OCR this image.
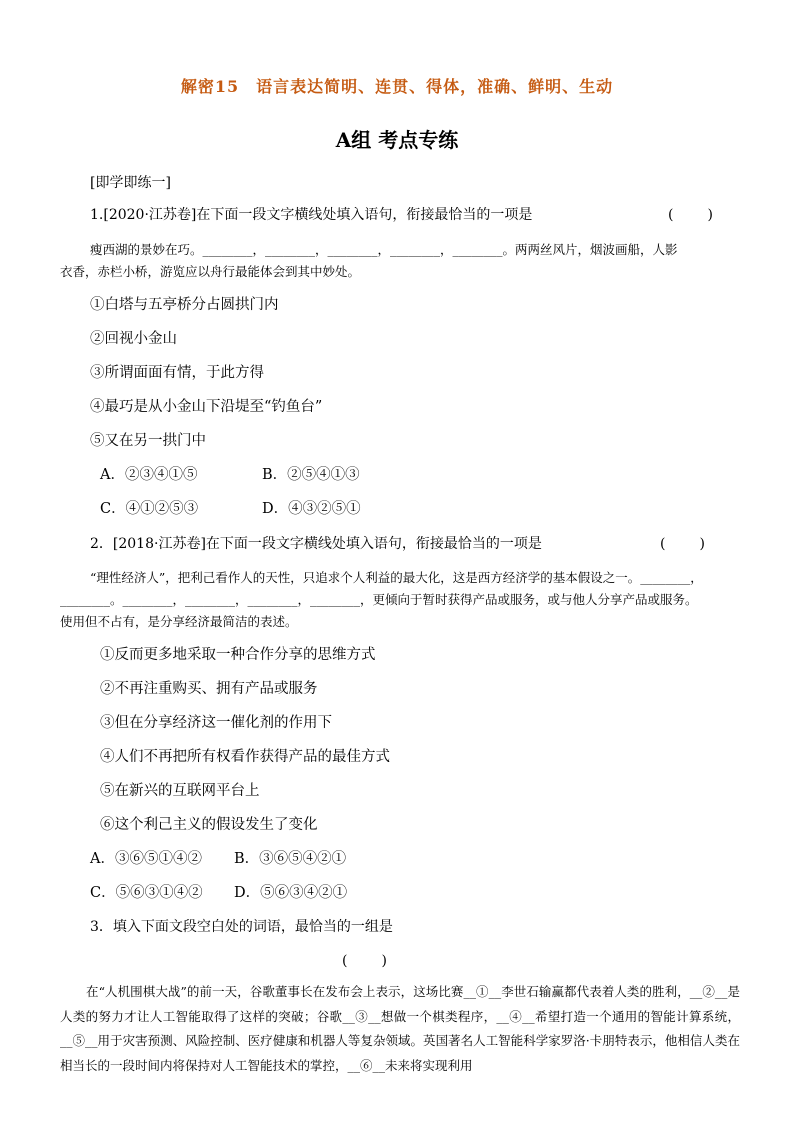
解密15　语言表达简明、连贯、得体，准确、鲜明、生动
A组 考点专练
[即学即练一]
1.[2020·江苏卷]在下面一段文字横线处填入语句，衔接最恰当的一项是	(　)
瘦西湖的景妙在巧。________，________，________，________，________。两两丝风片，烟波画船，人影
衣香，赤栏小桥，游览应以舟行最能体会到其中妙处。
①白塔与五亭桥分占圆拱门内
②回视小金山
③所谓面面有情，于此方得
④最巧是从小金山下沿堤至“钓鱼台”
⑤又在另一拱门中
A．②③④①⑤	B．②⑤④①③
C．④①②⑤③	D．④③②⑤①
2．[2018·江苏卷]在下面一段文字横线处填入语句，衔接最恰当的一项是	(　)
“理性经济人”，把利己看作人的天性，只追求个人利益的最大化，这是西方经济学的基本假设之一。________，
________。________，________，________，________，更倾向于暂时获得产品或服务，或与他人分享产品或服务。
使用但不占有，是分享经济最简洁的表述。
①反而更多地采取一种合作分享的思维方式
②不再注重购买、拥有产品或服务
③但在分享经济这一催化剂的作用下
④人们不再把所有权看作获得产品的最佳方式
⑤在新兴的互联网平台上
⑥这个利己主义的假设发生了变化
A．③⑥⑤①④② B．③⑥⑤④②①
C．⑤⑥③①④② D．⑤⑥③④②①
3．填入下面文段空白处的词语，最恰当的一组是
(　)
在“人机围棋大战”的前一天，谷歌董事长在发布会上表示，这场比赛__①__李世石输赢都代表着人类的胜利，__②__是人类的努力才让人工智能取得了这样的突破；谷歌__③__想做一个棋类程序，__④__希望打造一个通用的智能计算系统，__⑤__用于灾害预测、风险控制、医疗健康和机器人等复杂领域。英国著名人工智能科学家罗洛·卡朋特表示，他相信人类在相当长的一段时间内将保持对人工智能技术的掌控，__⑥__未来将实现利用
